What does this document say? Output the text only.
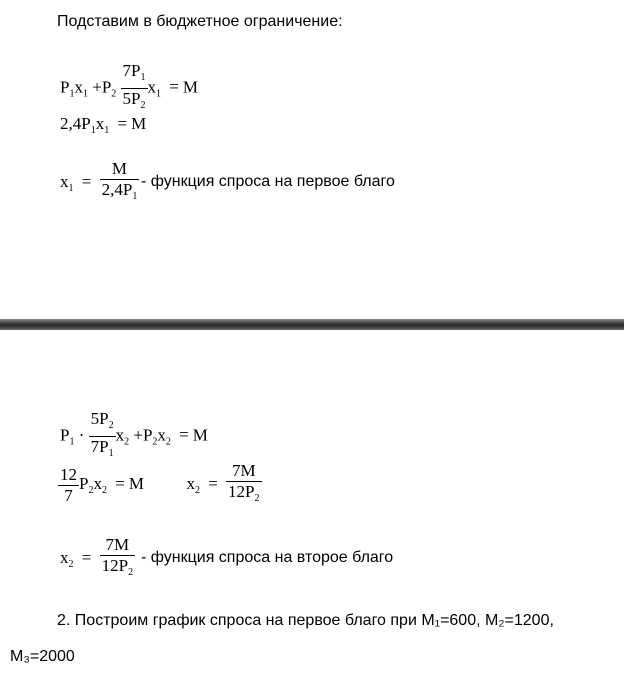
Подставим в бюджетное ограничение:
$P_1x_1 +P_2 \frac{7P_1}{5P_2} x_1 = M$
$2,4P_1x_1 = M$
$x_1 = \frac{M}{2,4P_1}$ - функция спроса на первое благо
$P_1 \cdot \frac{5P_2}{7P_1} x_2 +P_2x_2 = M$
$\frac{12}{7} P_2x_2 = M$	$x_2 = \frac{7M}{12P_2}$
$x_2 = \frac{7M}{12P_2}$ - функция спроса на второе благо
2. Построим график спроса на первое благо при M₁=600, M₂=1200,
M₃=2000
